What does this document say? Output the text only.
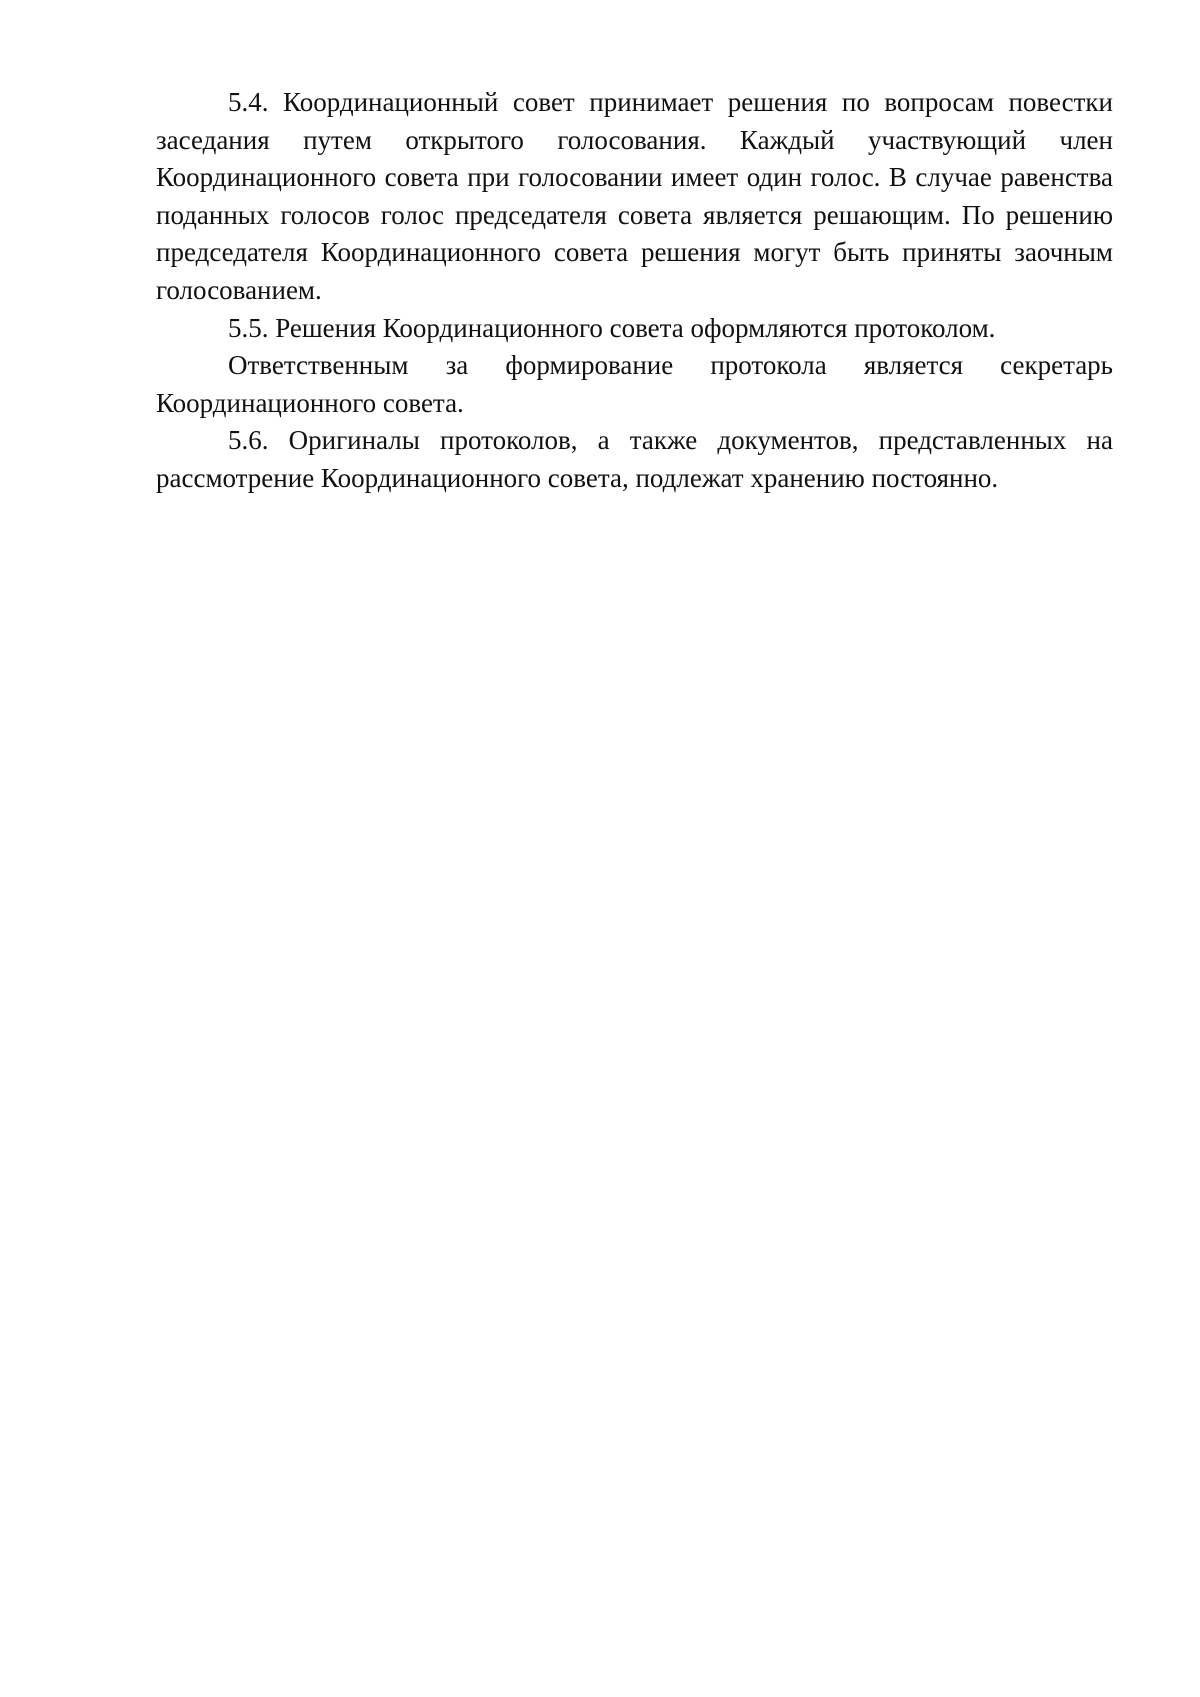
5.4. Координационный совет принимает решения по вопросам повестки заседания путем открытого голосования. Каждый участвующий член Координационного совета при голосовании имеет один голос. В случае равенства поданных голосов голос председателя совета является решающим. По решению председателя Координационного совета решения могут быть приняты заочным голосованием.

5.5. Решения Координационного совета оформляются протоколом.

Ответственным за формирование протокола является секретарь Координационного совета.

5.6. Оригиналы протоколов, а также документов, представленных на рассмотрение Координационного совета, подлежат хранению постоянно.
